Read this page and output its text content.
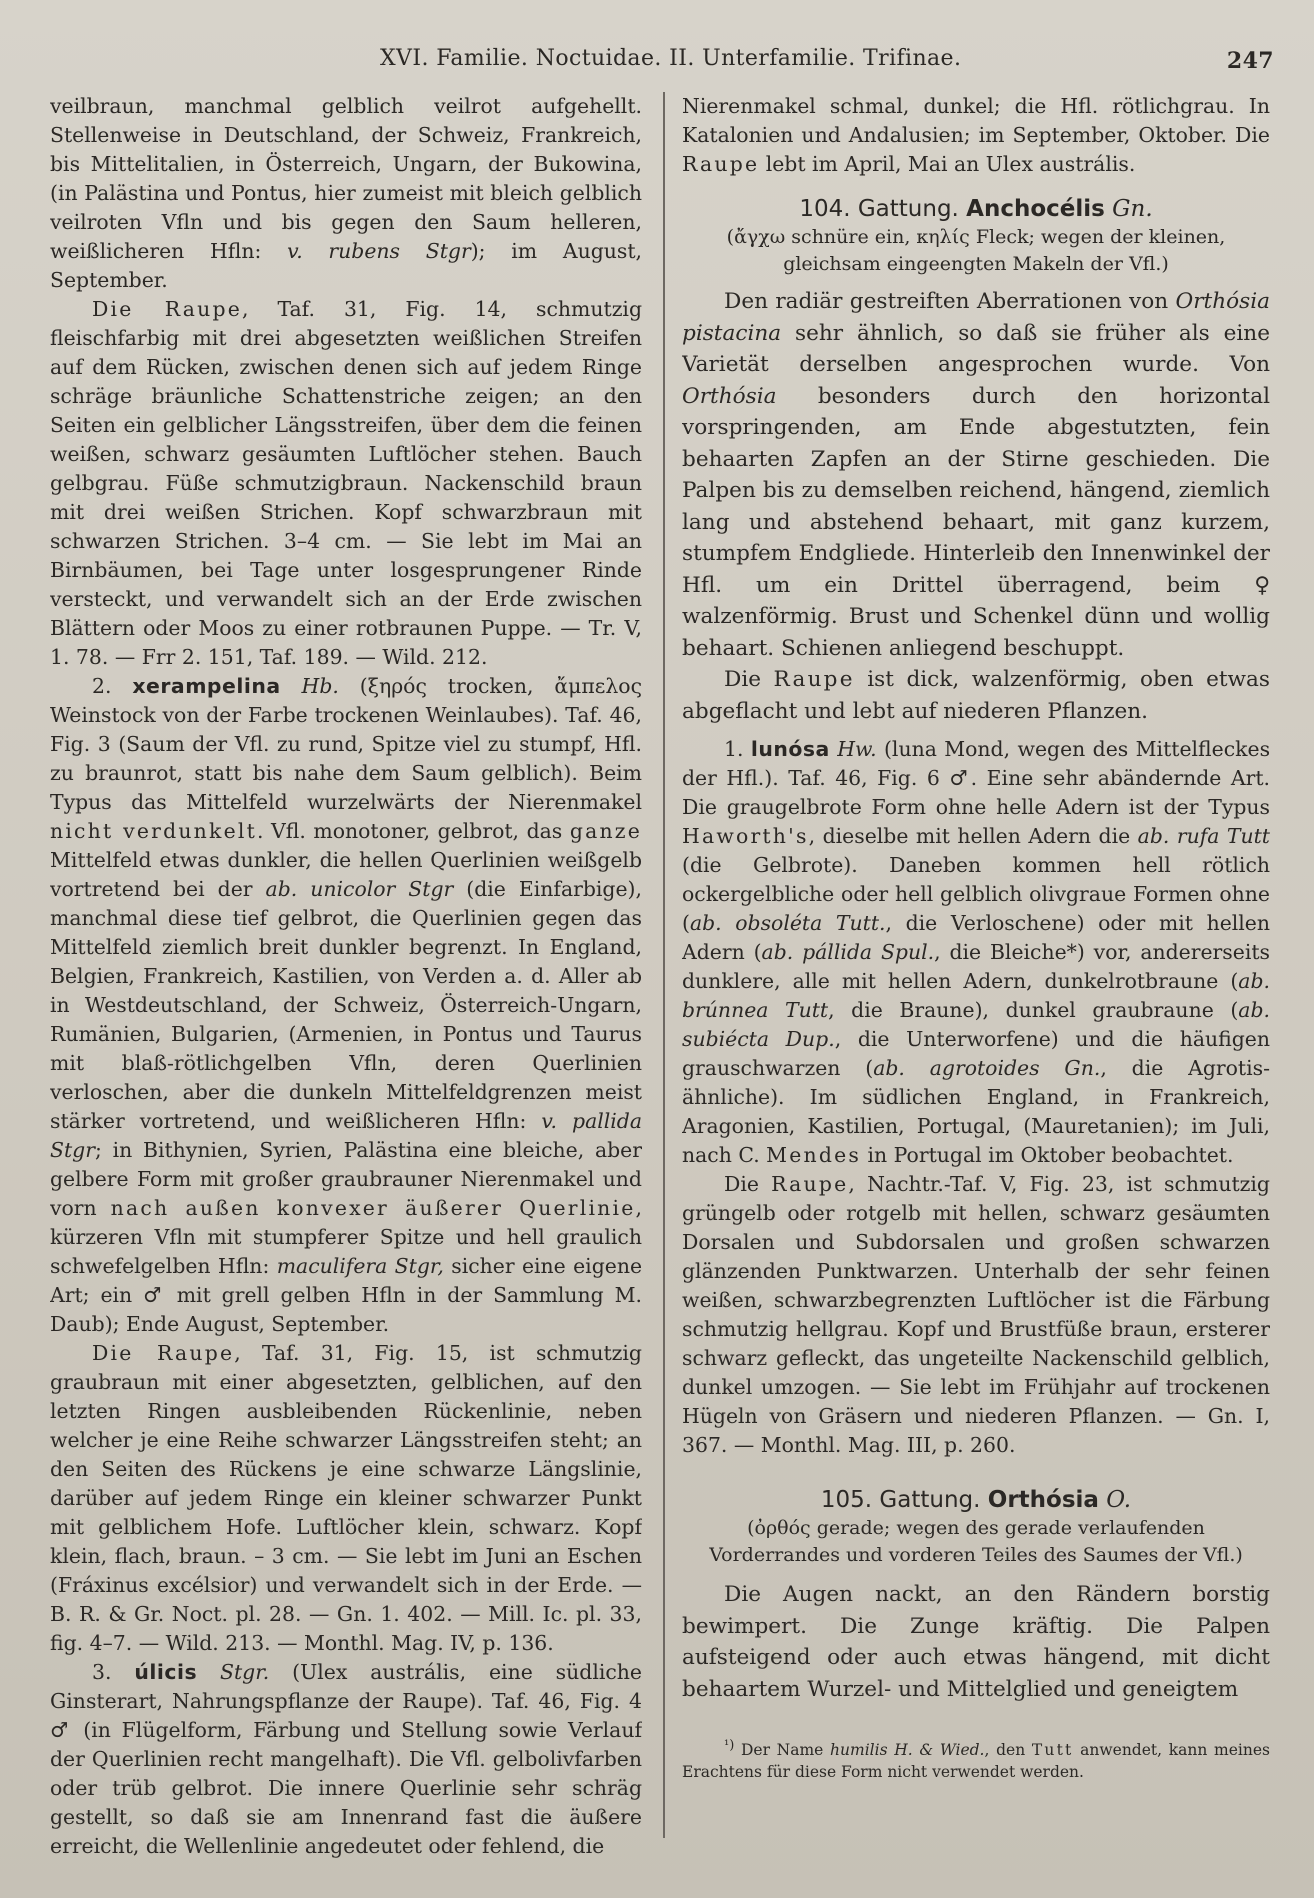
XVI. Familie. Noctuidae. II. Unterfamilie. Trifinae.	247

veilbraun, manchmal gelblich veilrot aufgehellt. Stellenweise in Deutschland, der Schweiz, Frankreich, bis Mittelitalien, in Österreich, Ungarn, der Bukowina, (in Palästina und Pontus, hier zumeist mit bleich gelblich veilroten Vfln und bis gegen den Saum helleren, weißlicheren Hfln: v. rubens Stgr); im August, September.

Die Raupe, Taf. 31, Fig. 14, schmutzig fleischfarbig mit drei abgesetzten weißlichen Streifen auf dem Rücken, zwischen denen sich auf jedem Ringe schräge bräunliche Schattenstriche zeigen; an den Seiten ein gelblicher Längsstreifen, über dem die feinen weißen, schwarz gesäumten Luftlöcher stehen. Bauch gelbgrau. Füße schmutzigbraun. Nackenschild braun mit drei weißen Strichen. Kopf schwarzbraun mit schwarzen Strichen. 3–4 cm. — Sie lebt im Mai an Birnbäumen, bei Tage unter losgesprungener Rinde versteckt, und verwandelt sich an der Erde zwischen Blättern oder Moos zu einer rotbraunen Puppe. — Tr. V, 1. 78. — Frr 2. 151, Taf. 189. — Wild. 212.

2. xerampelina Hb. (ξηρός trocken, ἄμπελος Weinstock von der Farbe trockenen Weinlaubes). Taf. 46, Fig. 3 (Saum der Vfl. zu rund, Spitze viel zu stumpf, Hfl. zu braunrot, statt bis nahe dem Saum gelblich). Beim Typus das Mittelfeld wurzelwärts der Nierenmakel nicht verdunkelt. Vfl. monotoner, gelbrot, das ganze Mittelfeld etwas dunkler, die hellen Querlinien weißgelb vortretend bei der ab. unicolor Stgr (die Einfarbige), manchmal diese tief gelbrot, die Querlinien gegen das Mittelfeld ziemlich breit dunkler begrenzt. In England, Belgien, Frankreich, Kastilien, von Verden a. d. Aller ab in Westdeutschland, der Schweiz, Österreich-Ungarn, Rumänien, Bulgarien, (Armenien, in Pontus und Taurus mit blaß-rötlichgelben Vfln, deren Querlinien verloschen, aber die dunkeln Mittelfeldgrenzen meist stärker vortretend, und weißlicheren Hfln: v. pallida Stgr; in Bithynien, Syrien, Palästina eine bleiche, aber gelbere Form mit großer graubrauner Nierenmakel und vorn nach außen konvexer äußerer Querlinie, kürzeren Vfln mit stumpferer Spitze und hell graulich schwefelgelben Hfln: maculifera Stgr, sicher eine eigene Art; ein ♂ mit grell gelben Hfln in der Sammlung M. Daub); Ende August, September.

Die Raupe, Taf. 31, Fig. 15, ist schmutzig graubraun mit einer abgesetzten, gelblichen, auf den letzten Ringen ausbleibenden Rückenlinie, neben welcher je eine Reihe schwarzer Längsstreifen steht; an den Seiten des Rückens je eine schwarze Längslinie, darüber auf jedem Ringe ein kleiner schwarzer Punkt mit gelblichem Hofe. Luftlöcher klein, schwarz. Kopf klein, flach, braun. – 3 cm. — Sie lebt im Juni an Eschen (Fráxinus excélsior) und verwandelt sich in der Erde. — B. R. & Gr. Noct. pl. 28. — Gn. 1. 402. — Mill. Ic. pl. 33, fig. 4–7. — Wild. 213. — Monthl. Mag. IV, p. 136.

3. úlicis Stgr. (Ulex austrális, eine südliche Ginsterart, Nahrungspflanze der Raupe). Taf. 46, Fig. 4 ♂ (in Flügelform, Färbung und Stellung sowie Verlauf der Querlinien recht mangelhaft). Die Vfl. gelbolivfarben oder trüb gelbrot. Die innere Querlinie sehr schräg gestellt, so daß sie am Innenrand fast die äußere erreicht, die Wellenlinie angedeutet oder fehlend, die

Nierenmakel schmal, dunkel; die Hfl. rötlichgrau. In Katalonien und Andalusien; im September, Oktober. Die Raupe lebt im April, Mai an Ulex austrális.

104. Gattung. Anchocélis Gn.

(ἄγχω schnüre ein, κηλίς Fleck; wegen der kleinen, gleichsam eingeengten Makeln der Vfl.)

Den radiär gestreiften Aberrationen von Orthósia pistacina sehr ähnlich, so daß sie früher als eine Varietät derselben angesprochen wurde. Von Orthósia besonders durch den horizontal vorspringenden, am Ende abgestutzten, fein behaarten Zapfen an der Stirne geschieden. Die Palpen bis zu demselben reichend, hängend, ziemlich lang und abstehend behaart, mit ganz kurzem, stumpfem Endgliede. Hinterleib den Innenwinkel der Hfl. um ein Drittel überragend, beim ♀ walzenförmig. Brust und Schenkel dünn und wollig behaart. Schienen anliegend beschuppt.

Die Raupe ist dick, walzenförmig, oben etwas abgeflacht und lebt auf niederen Pflanzen.

1. lunósa Hw. (luna Mond, wegen des Mittelfleckes der Hfl.). Taf. 46, Fig. 6 ♂. Eine sehr abändernde Art. Die graugelbrote Form ohne helle Adern ist der Typus Haworth's, dieselbe mit hellen Adern die ab. rufa Tutt (die Gelbrote). Daneben kommen hell rötlich ockergelbliche oder hell gelblich olivgraue Formen ohne (ab. obsoléta Tutt., die Verloschene) oder mit hellen Adern (ab. pállida Spul., die Bleiche*) vor, andererseits dunklere, alle mit hellen Adern, dunkelrotbraune (ab. brúnnea Tutt, die Braune), dunkel graubraune (ab. subiécta Dup., die Unterworfene) und die häufigen grauschwarzen (ab. agrotoides Gn., die Agrotis-ähnliche). Im südlichen England, in Frankreich, Aragonien, Kastilien, Portugal, (Mauretanien); im Juli, nach C. Mendes in Portugal im Oktober beobachtet.

Die Raupe, Nachtr.-Taf. V, Fig. 23, ist schmutzig grüngelb oder rotgelb mit hellen, schwarz gesäumten Dorsalen und Subdorsalen und großen schwarzen glänzenden Punktwarzen. Unterhalb der sehr feinen weißen, schwarzbegrenzten Luftlöcher ist die Färbung schmutzig hellgrau. Kopf und Brustfüße braun, ersterer schwarz gefleckt, das ungeteilte Nackenschild gelblich, dunkel umzogen. — Sie lebt im Frühjahr auf trockenen Hügeln von Gräsern und niederen Pflanzen. — Gn. I, 367. — Monthl. Mag. III, p. 260.

105. Gattung. Orthósia O.

(ὀρθός gerade; wegen des gerade verlaufenden Vorderrandes und vorderen Teiles des Saumes der Vfl.)

Die Augen nackt, an den Rändern borstig bewimpert. Die Zunge kräftig. Die Palpen aufsteigend oder auch etwas hängend, mit dicht behaartem Wurzel- und Mittelglied und geneigtem

$^{^1)}$ Der Name humilis H. & Wied., den Tutt anwendet, kann meines Erachtens für diese Form nicht verwendet werden.
